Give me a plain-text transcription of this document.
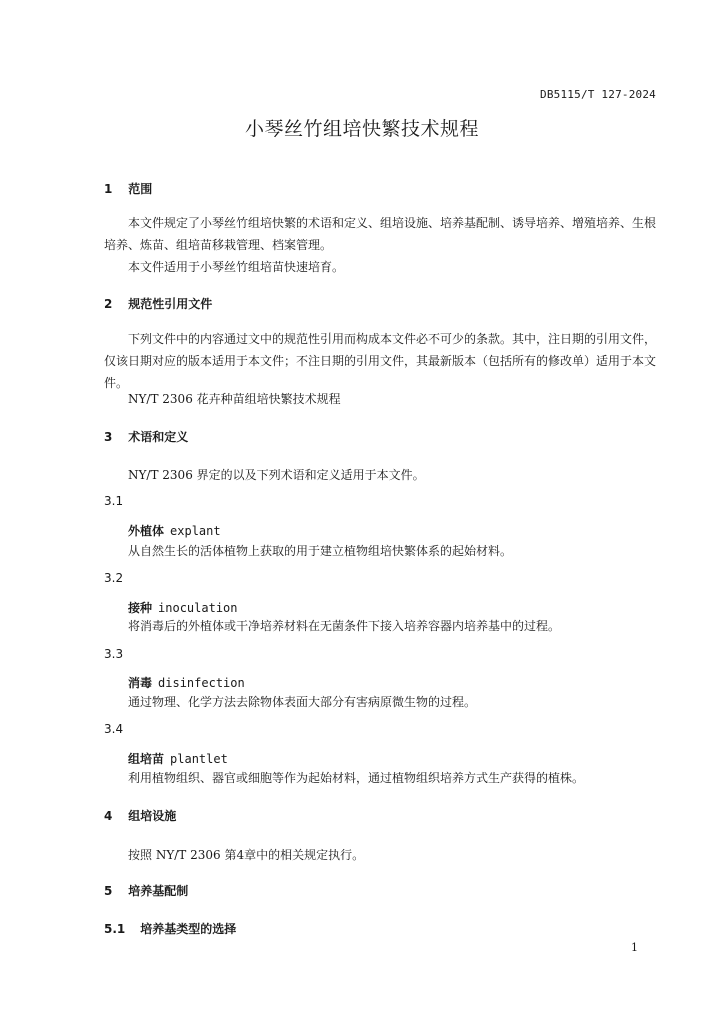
DB5115/T 127-2024
小琴丝竹组培快繁技术规程
1 范围
本文件规定了小琴丝竹组培快繁的术语和定义、组培设施、培养基配制、诱导培养、增殖培养、生根培养、炼苗、组培苗移栽管理、档案管理。
本文件适用于小琴丝竹组培苗快速培育。
2 规范性引用文件
下列文件中的内容通过文中的规范性引用而构成本文件必不可少的条款。其中，注日期的引用文件，仅该日期对应的版本适用于本文件；不注日期的引用文件，其最新版本（包括所有的修改单）适用于本文件。
NY/T 2306 花卉种苗组培快繁技术规程
3 术语和定义
NY/T 2306 界定的以及下列术语和定义适用于本文件。
3.1
外植体 explant
从自然生长的活体植物上获取的用于建立植物组培快繁体系的起始材料。
3.2
接种 inoculation
将消毒后的外植体或干净培养材料在无菌条件下接入培养容器内培养基中的过程。
3.3
消毒 disinfection
通过物理、化学方法去除物体表面大部分有害病原微生物的过程。
3.4
组培苗 plantlet
利用植物组织、器官或细胞等作为起始材料，通过植物组织培养方式生产获得的植株。
4 组培设施
按照 NY/T 2306 第4章中的相关规定执行。
5 培养基配制
5.1 培养基类型的选择
1
